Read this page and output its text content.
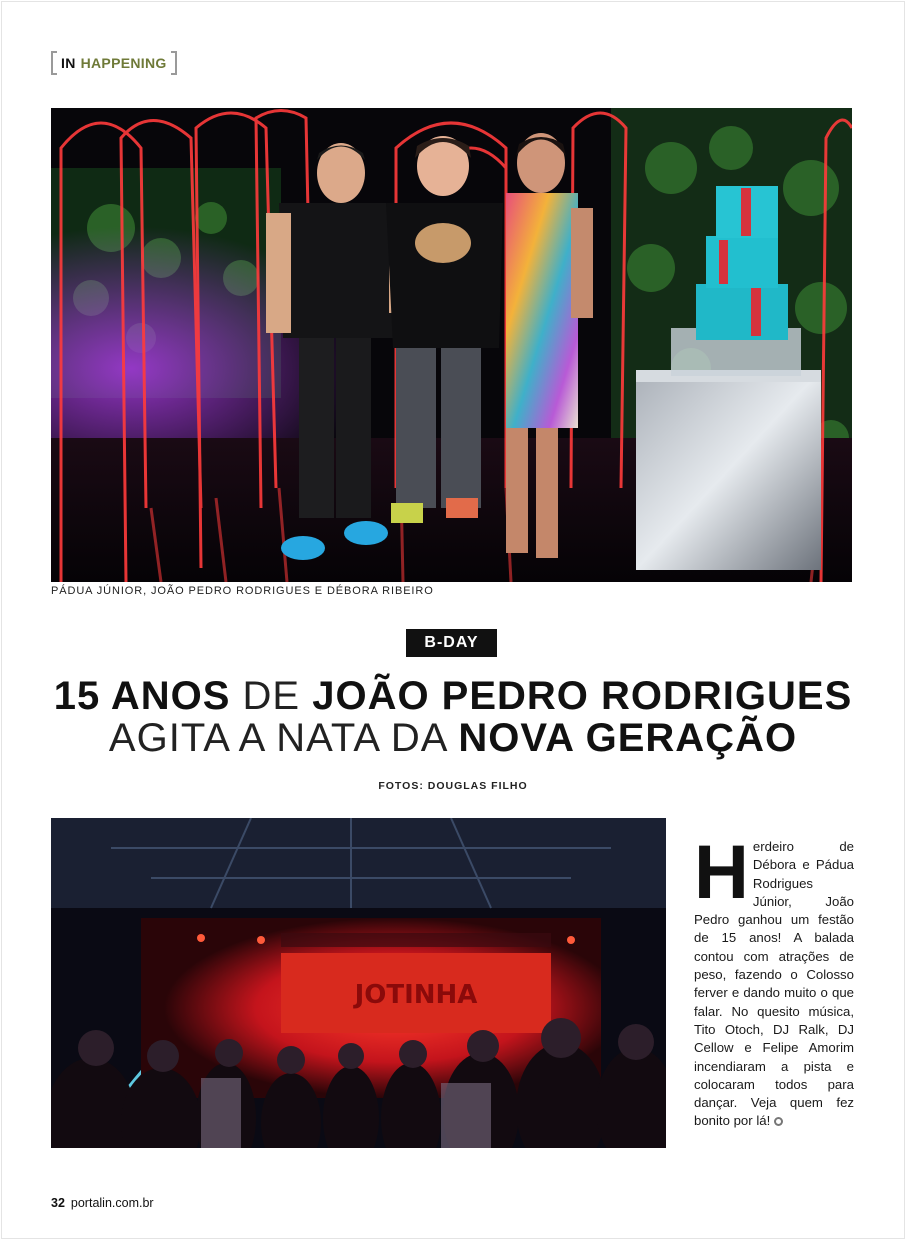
IN HAPPENING
PÁDUA JÚNIOR, JOÃO PEDRO RODRIGUES E DÉBORA RIBEIRO
B-DAY
15 ANOS DE JOÃO PEDRO RODRIGUES
AGITA A NATA DA NOVA GERAÇÃO
FOTOS: DOUGLAS FILHO
JOTINHA
Herdeiro de Débora e Pádua Rodrigues Júnior, João Pedro ganhou um festão de 15 anos! A balada contou com atrações de peso, fazendo o Colosso ferver e dando muito o que falar. No quesito música, Tito Otoch, DJ Ralk, DJ Cellow e Felipe Amorim incendiaram a pista e colocaram todos para dançar. Veja quem fez bonito por lá!
32 portalin.com.br
